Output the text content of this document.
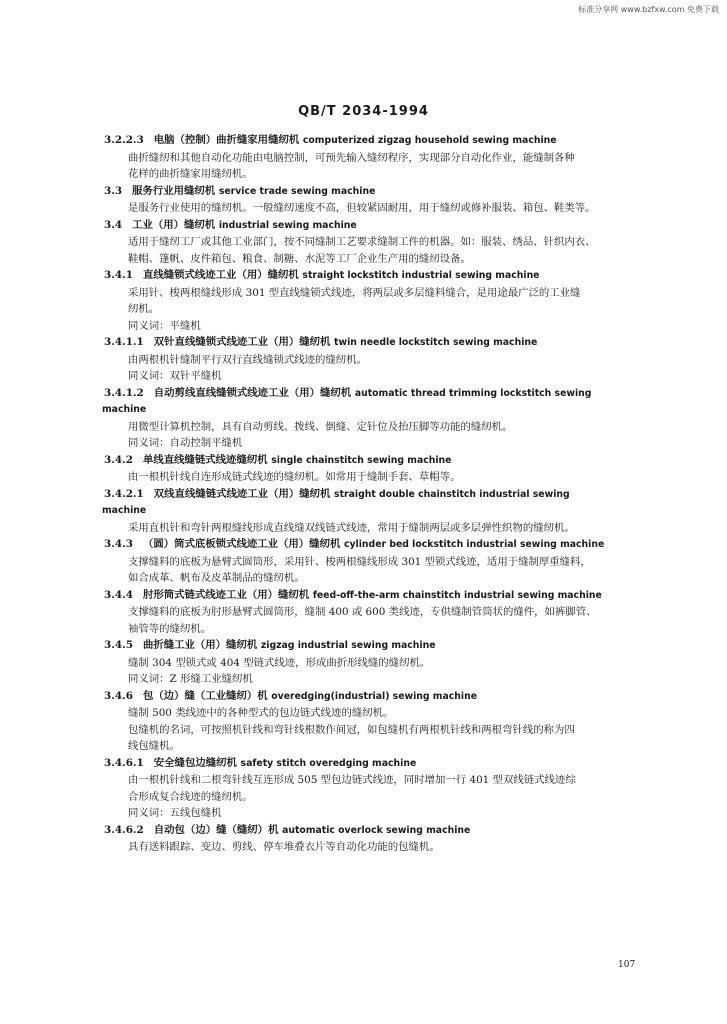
标准分享网 www.bzfxw.com 免费下载
QB/T 2034-1994
3.2.2.3 电脑（控制）曲折缝家用缝纫机 computerized zigzag household sewing machine
曲折缝纫和其他自动化功能由电脑控制，可预先输入缝纫程序，实现部分自动化作业，能缝制各种
花样的曲折缝家用缝纫机。
3.3 服务行业用缝纫机 service trade sewing machine
是服务行业使用的缝纫机。一般缝纫速度不高，但较紧固耐用，用于缝纫或修补服装、箱包、鞋类等。
3.4 工业（用）缝纫机 industrial sewing machine
适用于缝纫工厂或其他工业部门，按不同缝制工艺要求缝制工件的机器。如：服装、绣品、针织内衣、
鞋帽、篷帆、皮件箱包、粮食、制糖、水泥等工厂企业生产用的缝纫设备。
3.4.1 直线缝锁式线迹工业（用）缝纫机 straight lockstitch industrial sewing machine
采用针、梭两根缝线形成 301 型直线缝锁式线迹，将两层或多层缝料缝合，是用途最广泛的工业缝
纫机。
同义词：平缝机
3.4.1.1 双针直线缝锁式线迹工业（用）缝纫机 twin needle lockstitch sewing machine
由两根机针缝制平行双行直线缝锁式线迹的缝纫机。
同义词：双针平缝机
3.4.1.2 自动剪线直线缝锁式线迹工业（用）缝纫机 automatic thread trimming lockstitch sewing
machine
用微型计算机控制，具有自动剪线、拨线、倒缝、定针位及抬压脚等功能的缝纫机。
同义词：自动控制平缝机
3.4.2 单线直线缝链式线迹缝纫机 single chainstitch sewing machine
由一根机针线自连形成链式线迹的缝纫机。如常用于缝制手套、草帽等。
3.4.2.1 双线直线缝链式线迹工业（用）缝纫机 straight double chainstitch industrial sewing
machine
采用直机针和弯针两根缝线形成直线缝双线链式线迹，常用于缝制两层或多层弹性织物的缝纫机。
3.4.3 （圆）筒式底板锁式线迹工业（用）缝纫机 cylinder bed lockstitch industrial sewing machine
支撑缝料的底板为悬臂式圆筒形，采用针、梭两根缝线形成 301 型锁式线迹，适用于缝制厚重缝料，
如合成革、帆布及皮革制品的缝纫机。
3.4.4 肘形筒式链式线迹工业（用）缝纫机 feed-off-the-arm chainstitch industrial sewing machine
支撑缝料的底板为肘形悬臂式圆筒形，缝制 400 或 600 类线迹，专供缝制管筒状的缝件，如裤脚管、
袖管等的缝纫机。
3.4.5 曲折缝工业（用）缝纫机 zigzag industrial sewing machine
缝制 304 型锁式或 404 型链式线迹，形成曲折形线缝的缝纫机。
同义词：Z 形缝工业缝纫机
3.4.6 包（边）缝（工业缝纫）机 overedging(industrial) sewing machine
缝制 500 类线迹中的各种型式的包边链式线迹的缝纫机。
包缝机的名词，可按照机针线和弯针线根数作间冠，如包缝机有两根机针线和两根弯针线的称为四
线包缝机。
3.4.6.1 安全缝包边缝纫机 safety stitch overedging machine
由一根机针线和二根弯针线互连形成 505 型包边链式线迹，同时增加一行 401 型双线链式线迹综
合形成复合线迹的缝纫机。
同义词：五线包缝机
3.4.6.2 自动包（边）缝（缝纫）机 automatic overlock sewing machine
具有送料跟踪、变边、剪线、停车堆叠衣片等自动化功能的包缝机。
107
